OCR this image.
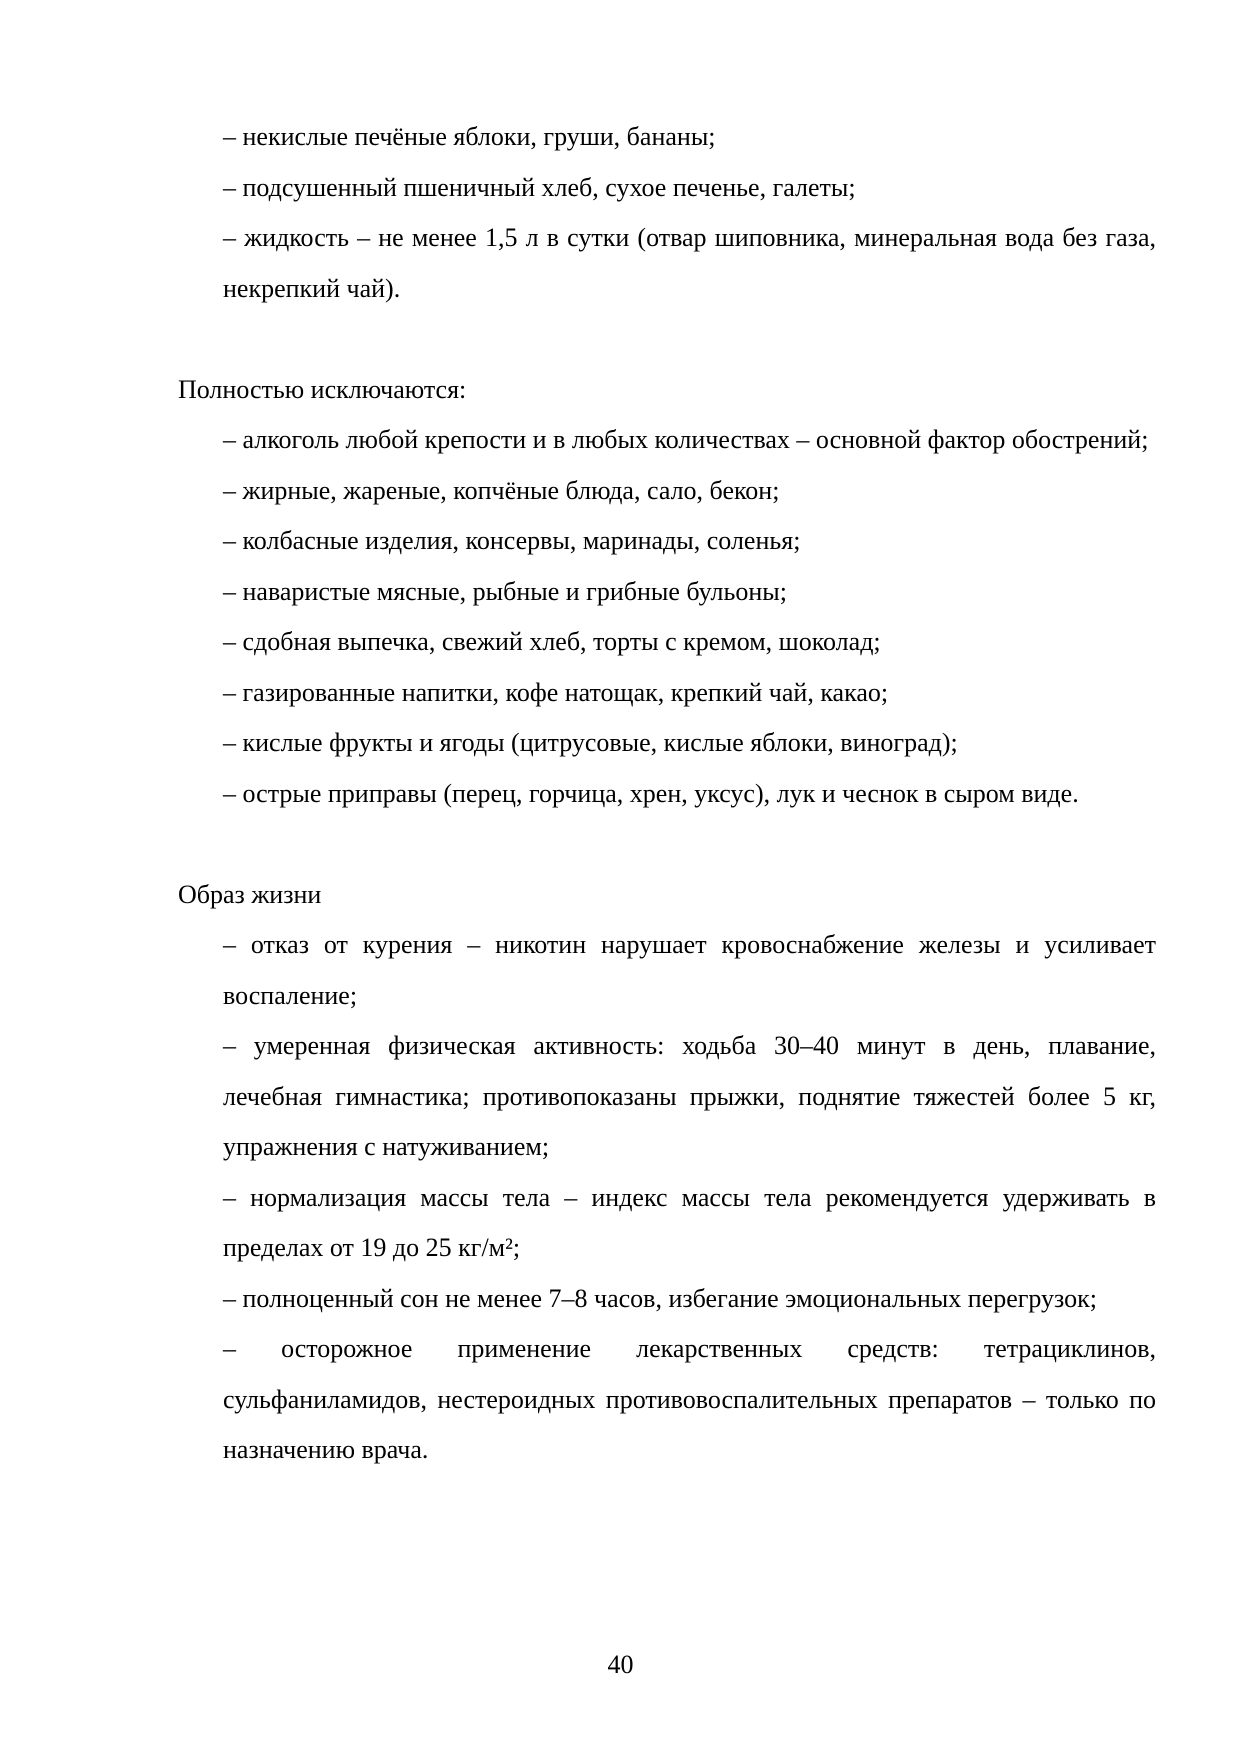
– некислые печёные яблоки, груши, бананы;

– подсушенный пшеничный хлеб, сухое печенье, галеты;

– жидкость – не менее 1,5 л в сутки (отвар шиповника, минеральная вода без газа, некрепкий чай).

Полностью исключаются:

– алкоголь любой крепости и в любых количествах – основной фактор обострений;

– жирные, жареные, копчёные блюда, сало, бекон;

– колбасные изделия, консервы, маринады, соленья;

– наваристые мясные, рыбные и грибные бульоны;

– сдобная выпечка, свежий хлеб, торты с кремом, шоколад;

– газированные напитки, кофе натощак, крепкий чай, какао;

– кислые фрукты и ягоды (цитрусовые, кислые яблоки, виноград);

– острые приправы (перец, горчица, хрен, уксус), лук и чеснок в сыром виде.

Образ жизни

– отказ от курения – никотин нарушает кровоснабжение железы и усиливает воспаление;

– умеренная физическая активность: ходьба 30–40 минут в день, плавание, лечебная гимнастика; противопоказаны прыжки, поднятие тяжестей более 5 кг, упражнения с натуживанием;

– нормализация массы тела – индекс массы тела рекомендуется удерживать в пределах от 19 до 25 кг/м²;

– полноценный сон не менее 7–8 часов, избегание эмоциональных перегрузок;

– осторожное применение лекарственных средств: тетрациклинов, сульфаниламидов, нестероидных противовоспалительных препаратов – только по назначению врача.

40
